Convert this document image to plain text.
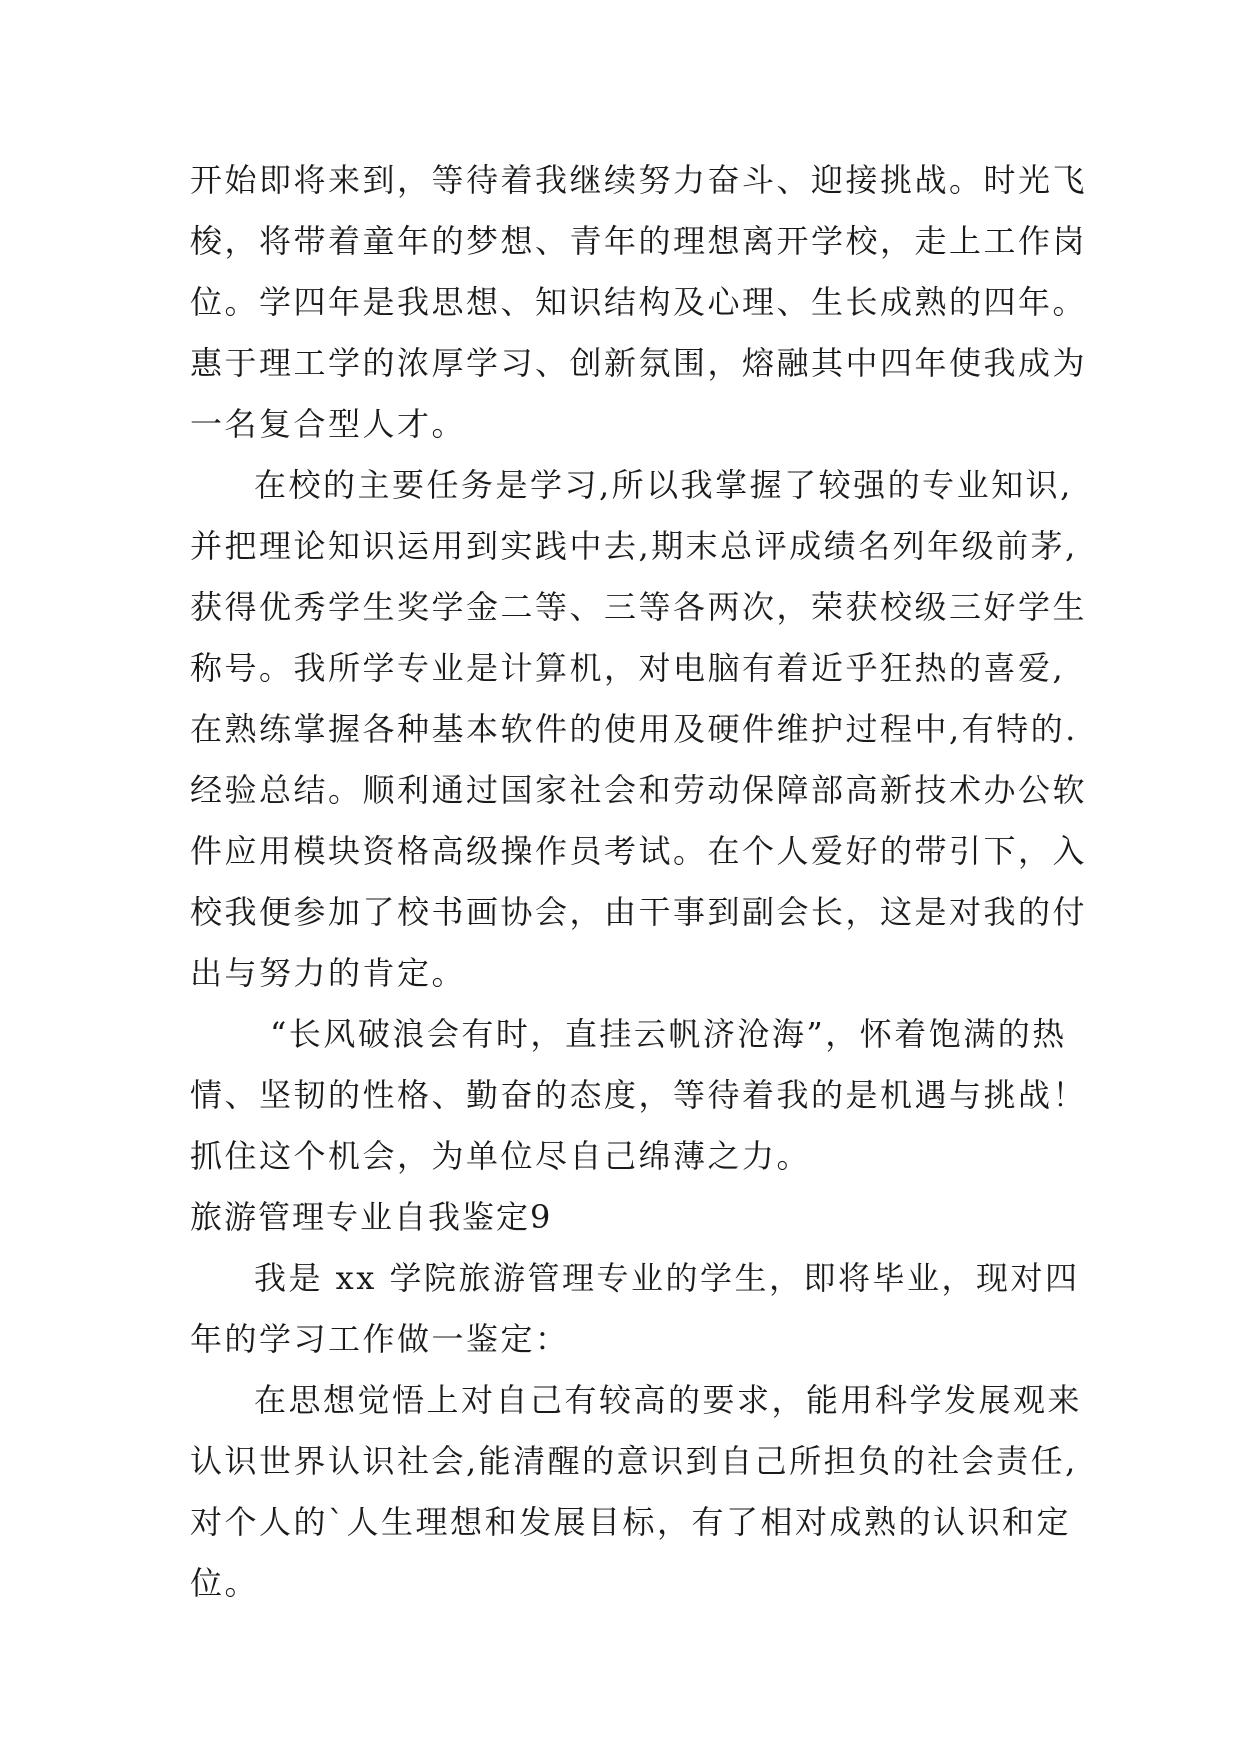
开始即将来到，等待着我继续努力奋斗、迎接挑战。时光飞
梭，将带着童年的梦想、青年的理想离开学校，走上工作岗
位。学四年是我思想、知识结构及心理、生长成熟的四年。
惠于理工学的浓厚学习、创新氛围，熔融其中四年使我成为
一名复合型人才。
在校的主要任务是学习,所以我掌握了较强的专业知识,
并把理论知识运用到实践中去,期末总评成绩名列年级前茅,
获得优秀学生奖学金二等、三等各两次，荣获校级三好学生
称号。我所学专业是计算机，对电脑有着近乎狂热的喜爱,
在熟练掌握各种基本软件的使用及硬件维护过程中,有特的.
经验总结。顺利通过国家社会和劳动保障部高新技术办公软
件应用模块资格高级操作员考试。在个人爱好的带引下，入
校我便参加了校书画协会，由干事到副会长，这是对我的付
出与努力的肯定。
“长风破浪会有时，直挂云帆济沧海”，怀着饱满的热
情、坚韧的性格、勤奋的态度，等待着我的是机遇与挑战！
抓住这个机会，为单位尽自己绵薄之力。
旅游管理专业自我鉴定9
我是 xx 学院旅游管理专业的学生，即将毕业，现对四
年的学习工作做一鉴定：
在思想觉悟上对自己有较高的要求，能用科学发展观来
认识世界认识社会,能清醒的意识到自己所担负的社会责任,
对个人的`人生理想和发展目标，有了相对成熟的认识和定
位。
